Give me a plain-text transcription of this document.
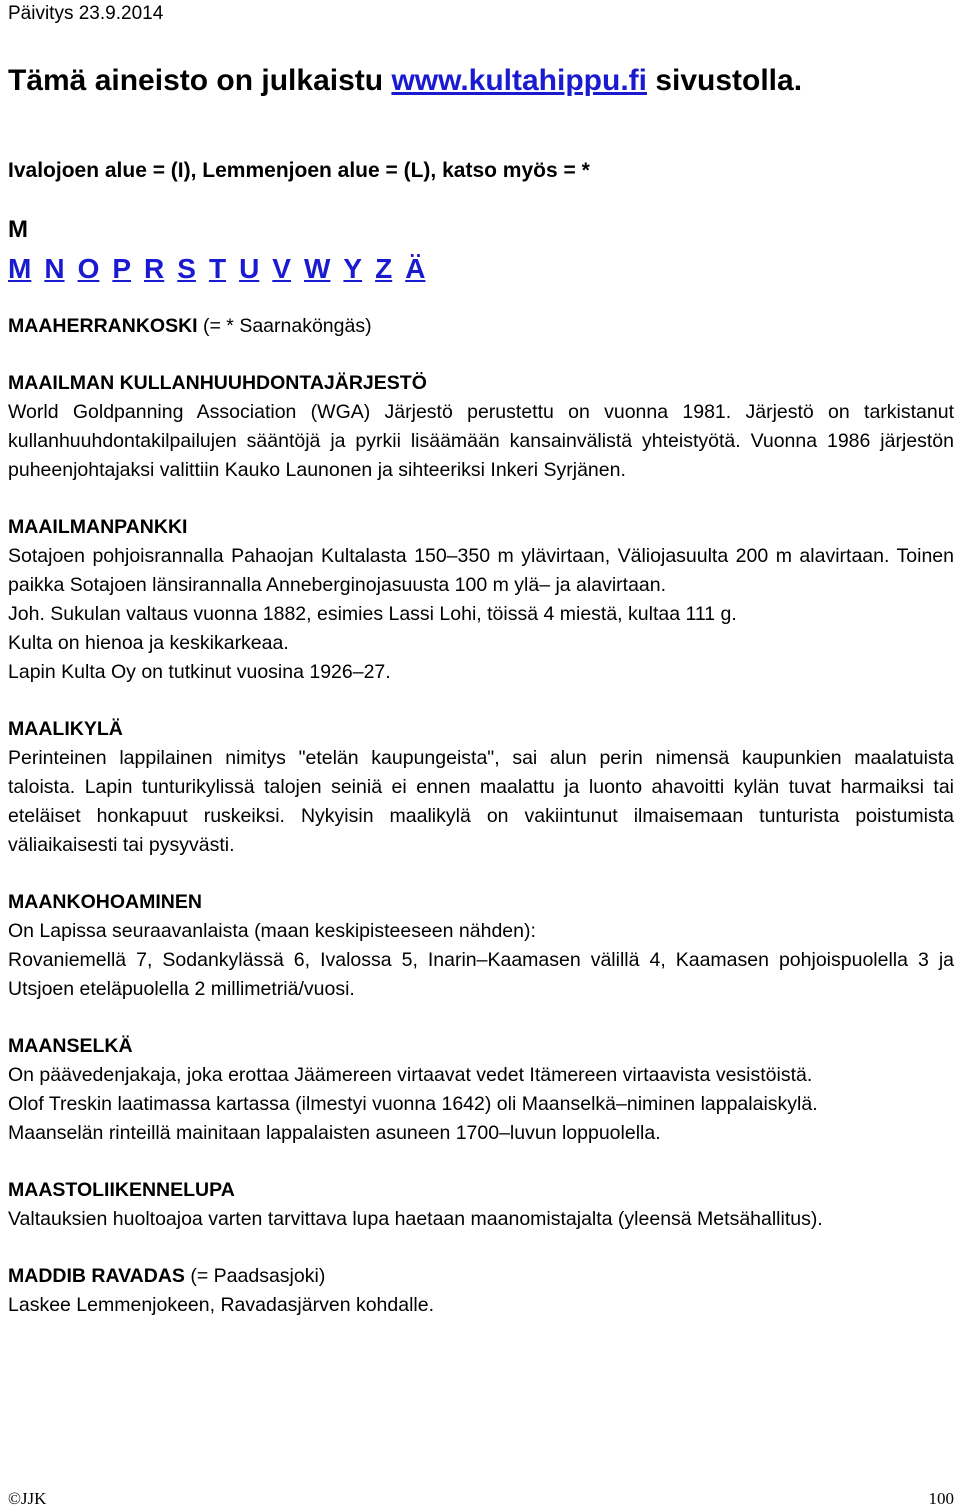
Päivitys 23.9.2014
Tämä aineisto on julkaistu www.kultahippu.fi sivustolla.
Ivalojoen alue = (I), Lemmenjoen alue = (L), katso myös = *
M
M N O P R S T U V W Y Z Ä

MAAHERRANKOSKI (= * Saarnaköngäs)

MAAILMAN KULLANHUUHDONTAJÄRJESTÖ

World Goldpanning Association (WGA) Järjestö perustettu on vuonna 1981. Järjestö on tarkistanut kullanhuuhdontakilpailujen sääntöjä ja pyrkii lisäämään kansainvälistä yhteistyötä. Vuonna 1986 järjestön puheenjohtajaksi valittiin Kauko Launonen ja sihteeriksi Inkeri Syrjänen.

MAAILMANPANKKI

Sotajoen pohjoisrannalla Pahaojan Kultalasta 150–350 m ylävirtaan, Väliojasuulta 200 m alavirtaan. Toinen paikka Sotajoen länsirannalla Anneberginojasuusta 100 m ylä– ja alavirtaan.

Joh. Sukulan valtaus vuonna 1882, esimies Lassi Lohi, töissä 4 miestä, kultaa 111 g.

Kulta on hienoa ja keskikarkeaa.

Lapin Kulta Oy on tutkinut vuosina 1926–27.

MAALIKYLÄ

Perinteinen lappilainen nimitys "etelän kaupungeista", sai alun perin nimensä kaupunkien maalatuista taloista. Lapin tunturikylissä talojen seiniä ei ennen maalattu ja luonto ahavoitti kylän tuvat harmaiksi tai eteläiset honkapuut ruskeiksi. Nykyisin maalikylä on vakiintunut ilmaisemaan tunturista poistumista väliaikaisesti tai pysyvästi.

MAANKOHOAMINEN

On Lapissa seuraavanlaista (maan keskipisteeseen nähden):

Rovaniemellä 7, Sodankylässä 6, Ivalossa 5, Inarin–Kaamasen välillä 4, Kaamasen pohjoispuolella 3 ja Utsjoen eteläpuolella 2 millimetriä/vuosi.

MAANSELKÄ

On päävedenjakaja, joka erottaa Jäämereen virtaavat vedet Itämereen virtaavista vesistöistä.

Olof Treskin laatimassa kartassa (ilmestyi vuonna 1642) oli Maanselkä–niminen lappalaiskylä.

Maanselän rinteillä mainitaan lappalaisten asuneen 1700–luvun loppuolella.

MAASTOLIIKENNELUPA

Valtauksien huoltoajoa varten tarvittava lupa haetaan maanomistajalta (yleensä Metsähallitus).

MADDIB RAVADAS (= Paadsasjoki)

Laskee Lemmenjokeen, Ravadasjärven kohdalle.

©JJK	100
